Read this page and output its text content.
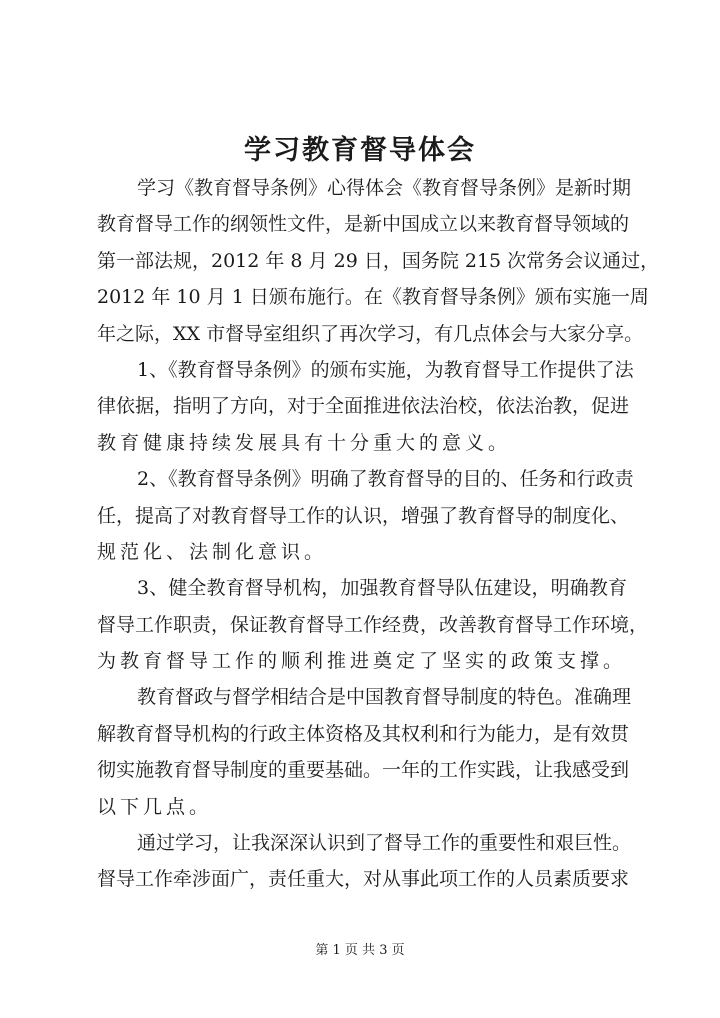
学习教育督导体会
学习《教育督导条例》心得体会《教育督导条例》是新时期
教育督导工作的纲领性文件，是新中国成立以来教育督导领域的
第一部法规，2012 年 8 月 29 日，国务院 215 次常务会议通过，
2012 年 10 月 1 日颁布施行。在《教育督导条例》颁布实施一周
年之际，XX 市督导室组织了再次学习，有几点体会与大家分享。
1、《教育督导条例》的颁布实施，为教育督导工作提供了法
律依据，指明了方向，对于全面推进依法治校，依法治教，促进
教育健康持续发展具有十分重大的意义。
2、《教育督导条例》明确了教育督导的目的、任务和行政责
任，提高了对教育督导工作的认识，增强了教育督导的制度化、
规范化、法制化意识。
3、健全教育督导机构，加强教育督导队伍建设，明确教育
督导工作职责，保证教育督导工作经费，改善教育督导工作环境，
为教育督导工作的顺利推进奠定了坚实的政策支撑。
教育督政与督学相结合是中国教育督导制度的特色。准确理
解教育督导机构的行政主体资格及其权利和行为能力，是有效贯
彻实施教育督导制度的重要基础。一年的工作实践，让我感受到
以下几点。
通过学习，让我深深认识到了督导工作的重要性和艰巨性。
督导工作牵涉面广，责任重大，对从事此项工作的人员素质要求
第 1 页 共 3 页
